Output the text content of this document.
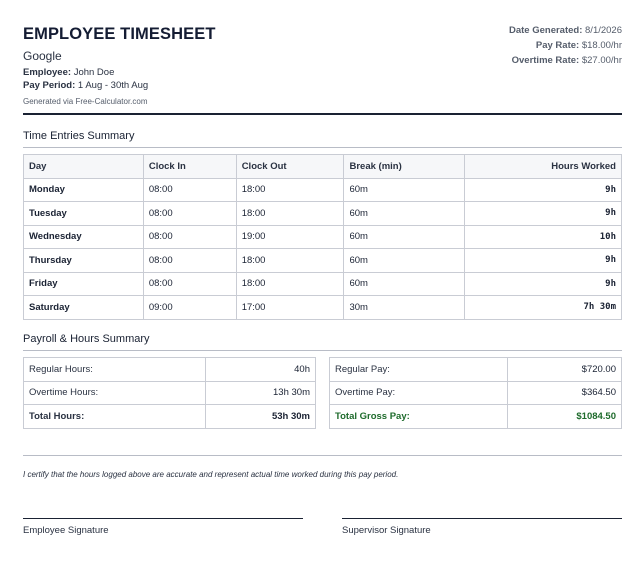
EMPLOYEE TIMESHEET
Google
Employee: John Doe
Pay Period: 1 Aug - 30th Aug
Generated via Free-Calculator.com
Date Generated: 8/1/2026
Pay Rate: $18.00/hr
Overtime Rate: $27.00/hr
Time Entries Summary
Day	Clock In	Clock Out	Break (min)	Hours Worked
Monday	08:00	18:00	60m	9h
Tuesday	08:00	18:00	60m	9h
Wednesday	08:00	19:00	60m	10h
Thursday	08:00	18:00	60m	9h
Friday	08:00	18:00	60m	9h
Saturday	09:00	17:00	30m	7h 30m
Payroll & Hours Summary
Regular Hours:	40h
Overtime Hours:	13h 30m
Total Hours:	53h 30m
Regular Pay:	$720.00
Overtime Pay:	$364.50
Total Gross Pay:	$1084.50
I certify that the hours logged above are accurate and represent actual time worked during this pay period.
Employee Signature	Supervisor Signature
